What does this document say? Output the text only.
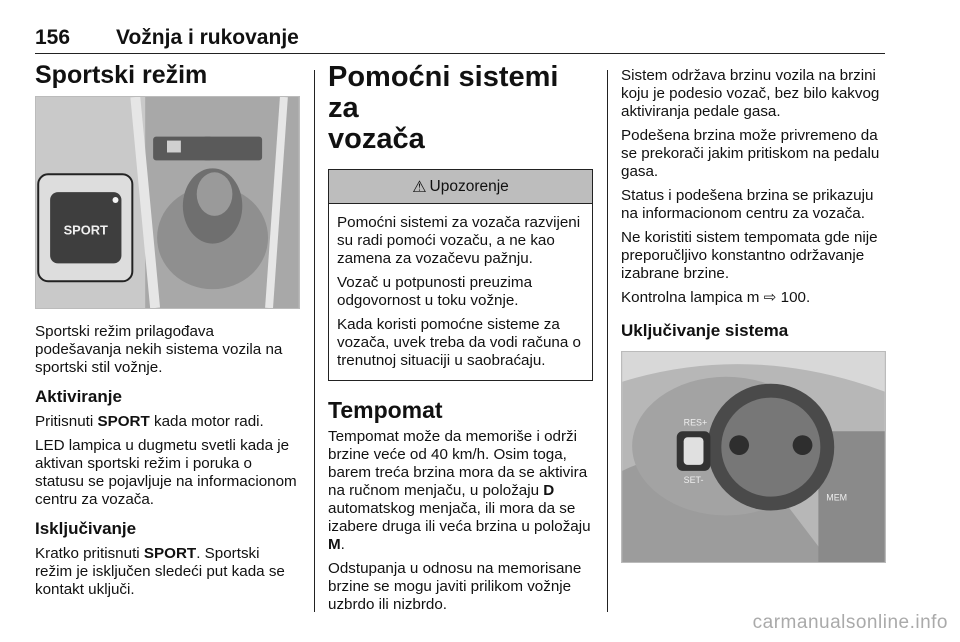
156 Vožnja i rukovanje
Sportski režim
SPORT

Sportski režim prilagođava podešavanja nekih sistema vozila na sportski stil vožnje.

Aktiviranje

Pritisnuti SPORT kada motor radi.

LED lampica u dugmetu svetli kada je aktivan sportski režim i poruka o statusu se pojavljuje na informacionom centru za vozača.

Isključivanje

Kratko pritisnuti SPORT. Sportski režim je isključen sledeći put kada se kontakt uključi.

Pomoćni sistemi za
vozača
⚠ Upozorenje

Pomoćni sistemi za vozača razvijeni su radi pomoći vozaču, a ne kao zamena za vozačevu pažnju.

Vozač u potpunosti preuzima odgovornost u toku vožnje.

Kada koristi pomoćne sisteme za vozača, uvek treba da vodi računa o trenutnoj situaciji u saobraćaju.

Tempomat

Tempomat može da memoriše i održi brzine veće od 40 km/h. Osim toga, barem treća brzina mora da se aktivira na ručnom menjaču, u položaju D automatskog menjača, ili mora da se izabere druga ili veća brzina u položaju M.

Odstupanja u odnosu na memorisane brzine se mogu javiti prilikom vožnje uzbrdo ili nizbrdo.

Sistem održava brzinu vozila na brzini koju je podesio vozač, bez bilo kakvog aktiviranja pedale gasa.

Podešena brzina može privremeno da se prekorači jakim pritiskom na pedalu gasa.

Status i podešena brzina se prikazuju na informacionom centru za vozača.

Ne koristiti sistem tempomata gde nije preporučljivo konstantno održavanje izabrane brzine.

Kontrolna lampica m ⇨ 100.

Uključivanje sistema
RES+
SET-
MEM
carmanualsonline.info
